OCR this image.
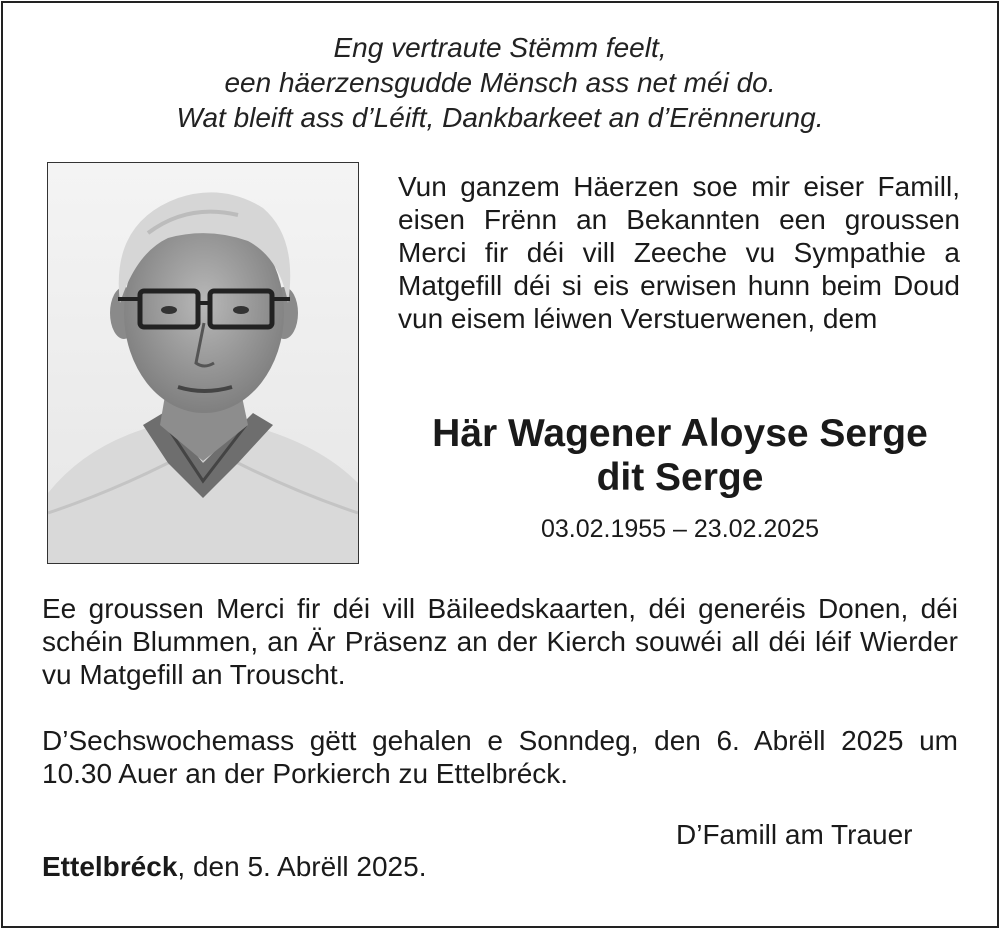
Eng vertraute Stëmm feelt,
een häerzensgudde Mënsch ass net méi do.
Wat bleift ass d’Léift, Dankbarkeet an d’Erënnerung.
Vun ganzem Häerzen soe mir eiser Famill, eisen Frënn an Bekannten een groussen Merci fir déi vill Zeeche vu Sympathie a Matgefill déi si eis erwisen hunn beim Doud vun eisem léiwen Verstuerwenen, dem
Här Wagener Aloyse Serge
dit Serge
03.02.1955 – 23.02.2025
Ee groussen Merci fir déi vill Bäileedskaarten, déi generéis Donen, déi schéin Blummen, an Är Präsenz an der Kierch souwéi all déi léif Wierder vu Matgefill an Trouscht.
D’Sechswochemass gëtt gehalen e Sonndeg, den 6. Abrëll 2025 um 10.30 Auer an der Porkierch zu Ettelbréck.
D’Famill am Trauer
Ettelbréck, den 5. Abrëll 2025.
